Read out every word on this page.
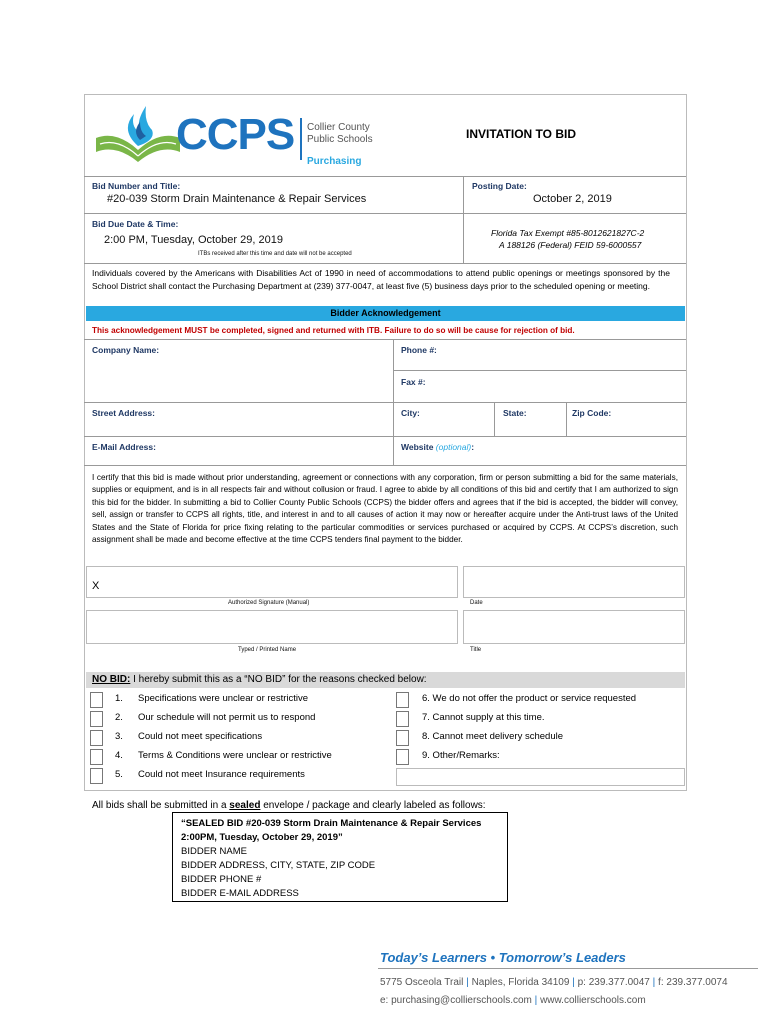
CCPS Collier County
Public Schools
Purchasing
INVITATION TO BID
Bid Number and Title:
#20-039 Storm Drain Maintenance & Repair Services
Posting Date:
October 2, 2019
Bid Due Date & Time:
2:00 PM, Tuesday, October 29, 2019
ITBs received after this time and date will not be accepted
Florida Tax Exempt #85-8012621827C-2
A 188126 (Federal) FEID 59-6000557
Individuals covered by the Americans with Disabilities Act of 1990 in need of accommodations to attend public openings or meetings sponsored by the School District shall contact the Purchasing Department at (239) 377-0047, at least five (5) business days prior to the scheduled opening or meeting.
Bidder Acknowledgement
This acknowledgement MUST be completed, signed and returned with ITB. Failure to do so will be cause for rejection of bid.
Company Name:	Phone #:
Fax #:
Street Address:	City:	State:	Zip Code:
E-Mail Address:	Website (optional):
I certify that this bid is made without prior understanding, agreement or connections with any corporation, firm or person submitting a bid for the same materials, supplies or equipment, and is in all respects fair and without collusion or fraud. I agree to abide by all conditions of this bid and certify that I am authorized to sign this bid for the bidder. In submitting a bid to Collier County Public Schools (CCPS) the bidder offers and agrees that if the bid is accepted, the bidder will convey, sell, assign or transfer to CCPS all rights, title, and interest in and to all causes of action it may now or hereafter acquire under the Anti-trust laws of the United States and the State of Florida for price fixing relating to the particular commodities or services purchased or acquired by CCPS. At CCPS’s discretion, such assignment shall be made and become effective at the time CCPS tenders final payment to the bidder.
X
Authorized Signature (Manual)	Date
Typed / Printed Name	Title
NO BID: I hereby submit this as a “NO BID” for the reasons checked below:
1. Specifications were unclear or restrictive
2. Our schedule will not permit us to respond
3. Could not meet specifications
4. Terms & Conditions were unclear or restrictive
5. Could not meet Insurance requirements
6. We do not offer the product or service requested
7. Cannot supply at this time.
8. Cannot meet delivery schedule
9. Other/Remarks:
All bids shall be submitted in a sealed envelope / package and clearly labeled as follows:
“SEALED BID #20-039 Storm Drain Maintenance & Repair Services
2:00PM, Tuesday, October 29, 2019”
BIDDER NAME
BIDDER ADDRESS, CITY, STATE, ZIP CODE
BIDDER PHONE #
BIDDER E-MAIL ADDRESS
Today’s Learners • Tomorrow’s Leaders
5775 Osceola Trail | Naples, Florida 34109 | p: 239.377.0047 | f: 239.377.0074
e: purchasing@collierschools.com | www.collierschools.com
